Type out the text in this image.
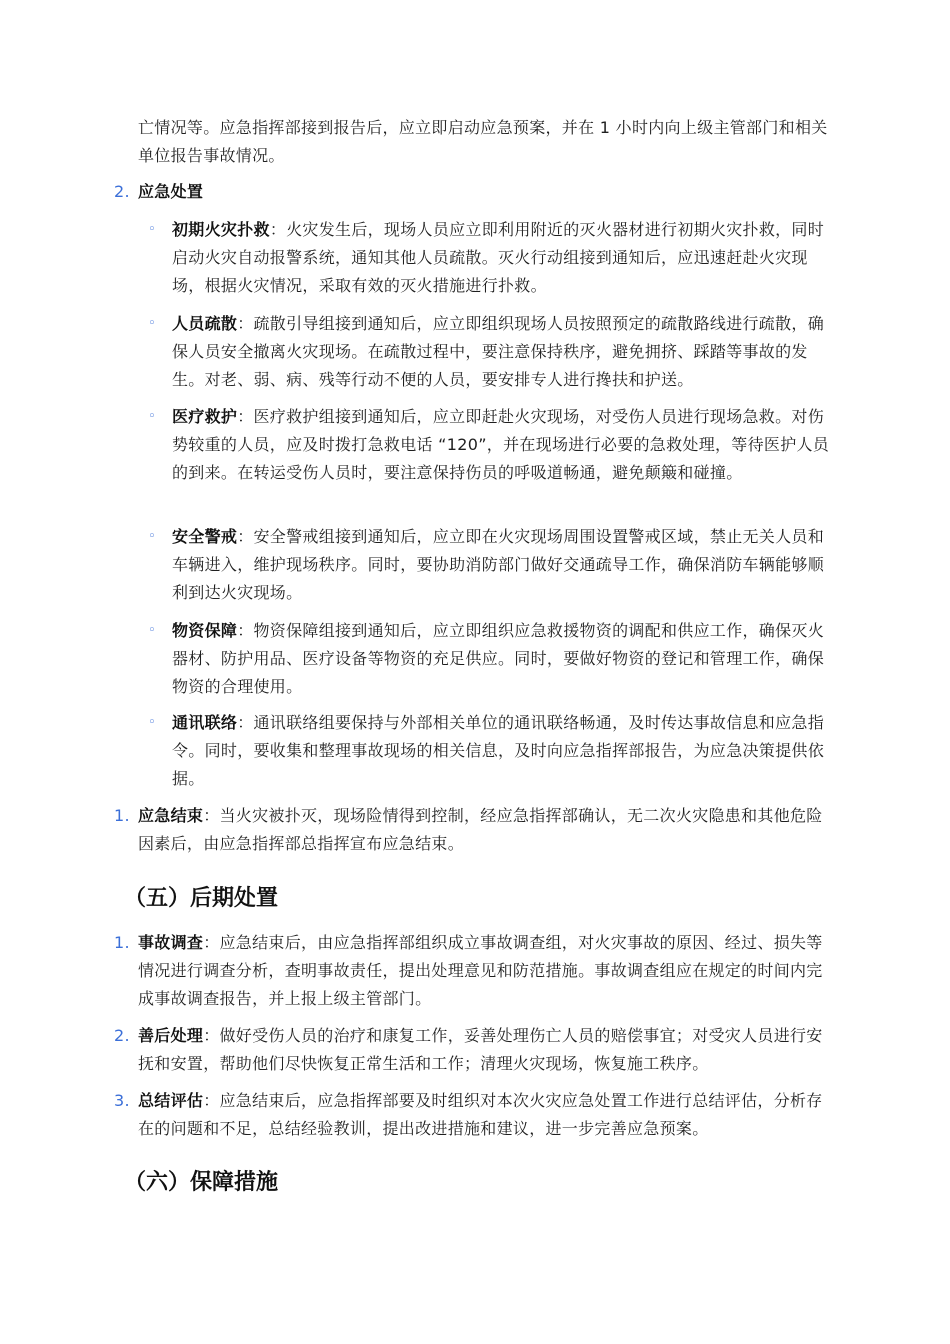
亡情况等。应急指挥部接到报告后，应立即启动应急预案，并在 1 小时内向上级主管部门和相关单位报告事故情况。
2. 应急处置
◦ 初期火灾扑救：火灾发生后，现场人员应立即利用附近的灭火器材进行初期火灾扑救，同时启动火灾自动报警系统，通知其他人员疏散。灭火行动组接到通知后，应迅速赶赴火灾现场，根据火灾情况，采取有效的灭火措施进行扑救。
◦ 人员疏散：疏散引导组接到通知后，应立即组织现场人员按照预定的疏散路线进行疏散，确保人员安全撤离火灾现场。在疏散过程中，要注意保持秩序，避免拥挤、踩踏等事故的发生。对老、弱、病、残等行动不便的人员，要安排专人进行搀扶和护送。
◦ 医疗救护：医疗救护组接到通知后，应立即赶赴火灾现场，对受伤人员进行现场急救。对伤势较重的人员，应及时拨打急救电话 “120”，并在现场进行必要的急救处理，等待医护人员的到来。在转运受伤人员时，要注意保持伤员的呼吸道畅通，避免颠簸和碰撞。
◦ 安全警戒：安全警戒组接到通知后，应立即在火灾现场周围设置警戒区域，禁止无关人员和车辆进入，维护现场秩序。同时，要协助消防部门做好交通疏导工作，确保消防车辆能够顺利到达火灾现场。
◦ 物资保障：物资保障组接到通知后，应立即组织应急救援物资的调配和供应工作，确保灭火器材、防护用品、医疗设备等物资的充足供应。同时，要做好物资的登记和管理工作，确保物资的合理使用。
◦ 通讯联络：通讯联络组要保持与外部相关单位的通讯联络畅通，及时传达事故信息和应急指令。同时，要收集和整理事故现场的相关信息，及时向应急指挥部报告，为应急决策提供依据。
1. 应急结束：当火灾被扑灭，现场险情得到控制，经应急指挥部确认，无二次火灾隐患和其他危险因素后，由应急指挥部总指挥宣布应急结束。
（五）后期处置
1. 事故调查：应急结束后，由应急指挥部组织成立事故调查组，对火灾事故的原因、经过、损失等情况进行调查分析，查明事故责任，提出处理意见和防范措施。事故调查组应在规定的时间内完成事故调查报告，并上报上级主管部门。
2. 善后处理：做好受伤人员的治疗和康复工作，妥善处理伤亡人员的赔偿事宜；对受灾人员进行安抚和安置，帮助他们尽快恢复正常生活和工作；清理火灾现场，恢复施工秩序。
3. 总结评估：应急结束后，应急指挥部要及时组织对本次火灾应急处置工作进行总结评估，分析存在的问题和不足，总结经验教训，提出改进措施和建议，进一步完善应急预案。
（六）保障措施
